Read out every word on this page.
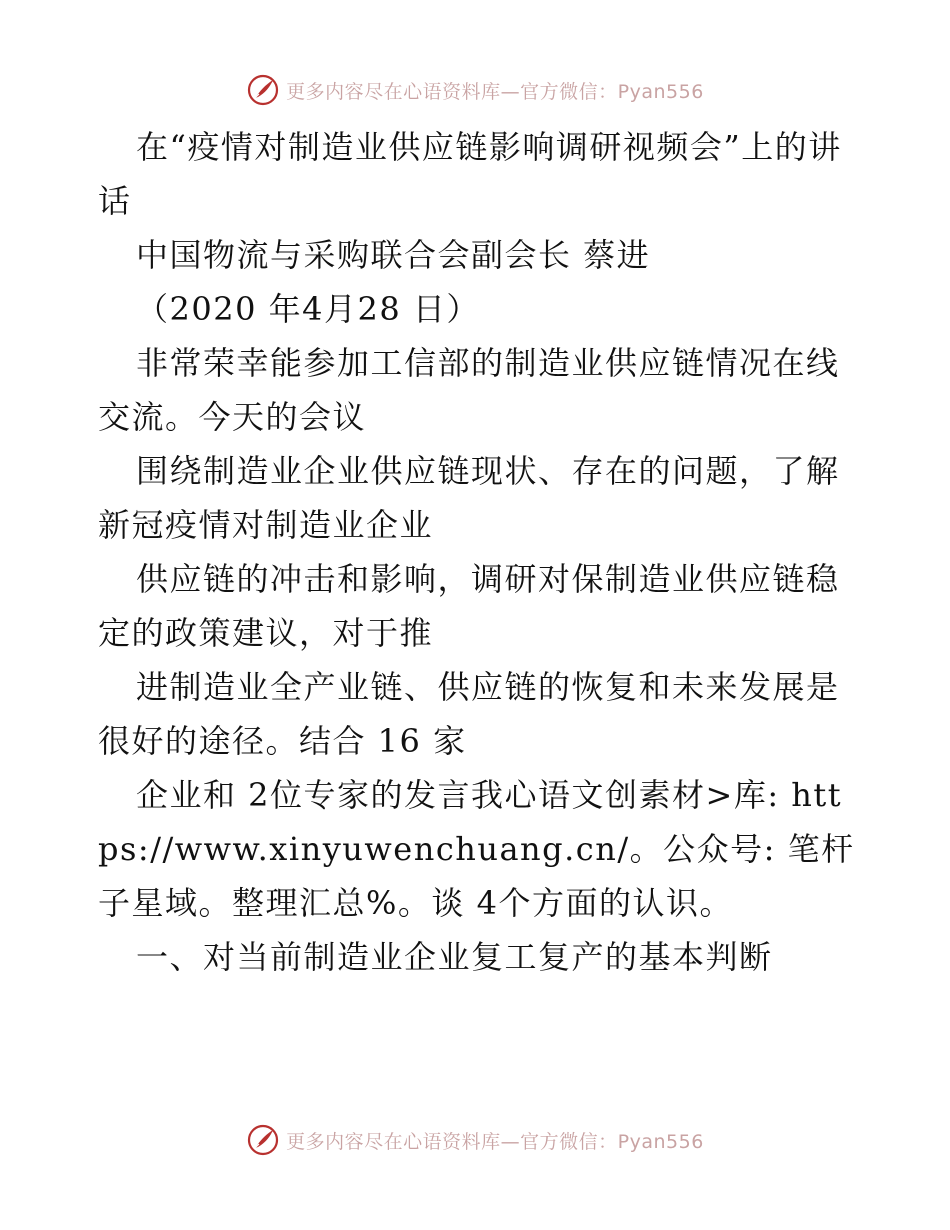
更多内容尽在心语资料库—官方微信：Pyan556

在“疫情对制造业供应链影响调研视频会”上的讲话

中国物流与采购联合会副会长 蔡进

（2020 年4月28 日）

非常荣幸能参加工信部的制造业供应链情况在线交流。今天的会议

围绕制造业企业供应链现状、存在的问题，了解新冠疫情对制造业企业

供应链的冲击和影响，调研对保制造业供应链稳定的政策建议，对于推

进制造业全产业链、供应链的恢复和未来发展是很好的途径。结合 16 家

企业和 2位专家的发言我心语文创素材>库: https://www.xinyuwenchuang.cn/。公众号: 笔杆子星域。整理汇总%。谈 4个方面的认识。

一、对当前制造业企业复工复产的基本判断

更多内容尽在心语资料库—官方微信：Pyan556
